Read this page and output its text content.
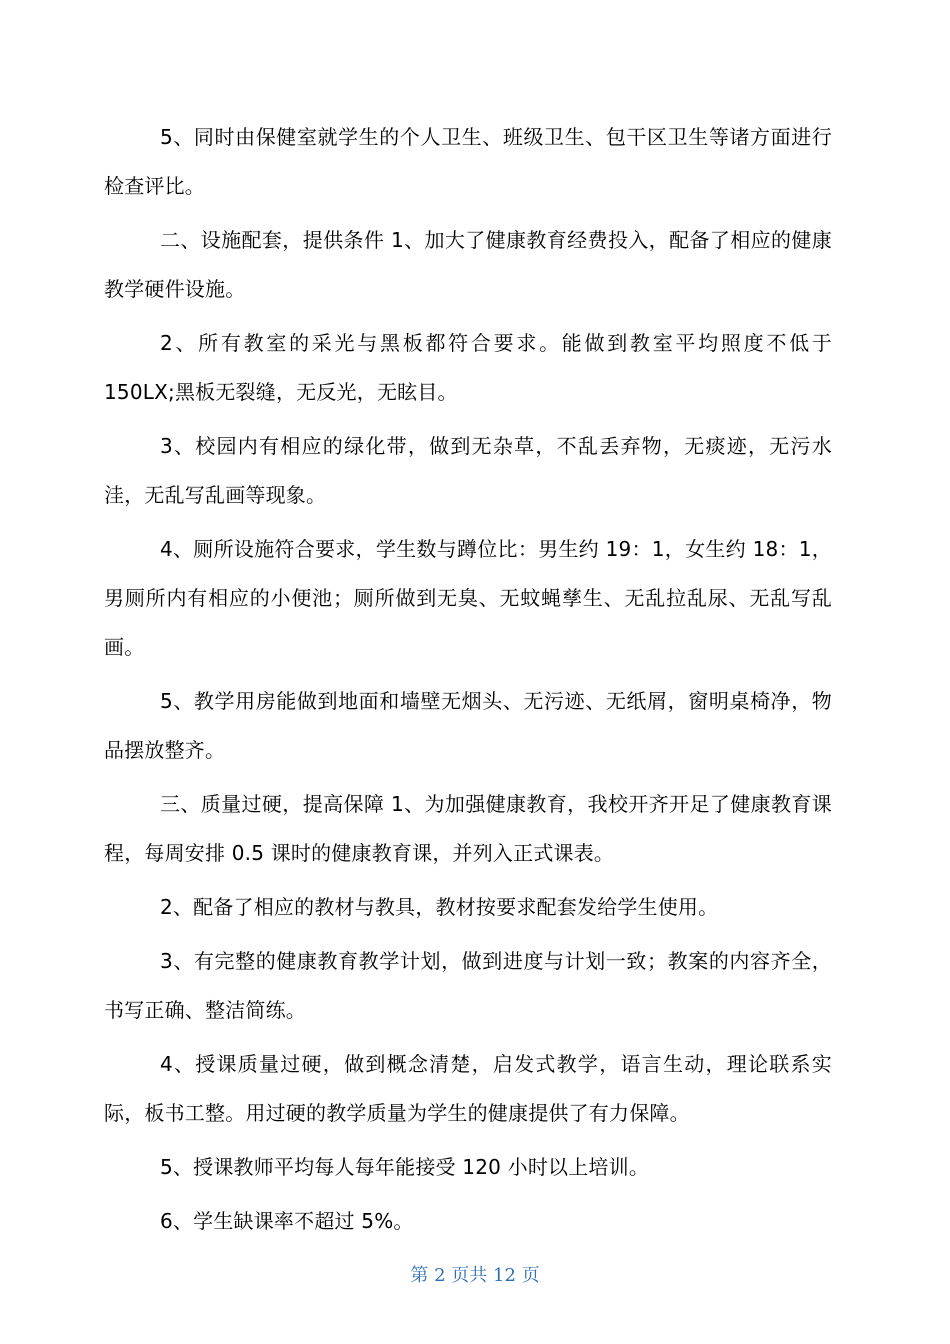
5、同时由保健室就学生的个人卫生、班级卫生、包干区卫生等诸方面进行检查评比。

二、设施配套，提供条件 1、加大了健康教育经费投入，配备了相应的健康教学硬件设施。

2、所有教室的采光与黑板都符合要求。能做到教室平均照度不低于 150LX;黑板无裂缝，无反光，无眩目。

3、校园内有相应的绿化带，做到无杂草，不乱丢弃物，无痰迹，无污水洼，无乱写乱画等现象。

4、厕所设施符合要求，学生数与蹲位比：男生约 19：1，女生约 18：1，男厕所内有相应的小便池；厕所做到无臭、无蚊蝇孳生、无乱拉乱尿、无乱写乱画。

5、教学用房能做到地面和墙壁无烟头、无污迹、无纸屑，窗明桌椅净，物品摆放整齐。

三、质量过硬，提高保障 1、为加强健康教育，我校开齐开足了健康教育课程，每周安排 0.5 课时的健康教育课，并列入正式课表。

2、配备了相应的教材与教具，教材按要求配套发给学生使用。

3、有完整的健康教育教学计划，做到进度与计划一致；教案的内容齐全，书写正确、整洁简练。

4、授课质量过硬，做到概念清楚，启发式教学，语言生动，理论联系实际，板书工整。用过硬的教学质量为学生的健康提供了有力保障。

5、授课教师平均每人每年能接受 120 小时以上培训。

6、学生缺课率不超过 5%。

第 2 页共 12 页
